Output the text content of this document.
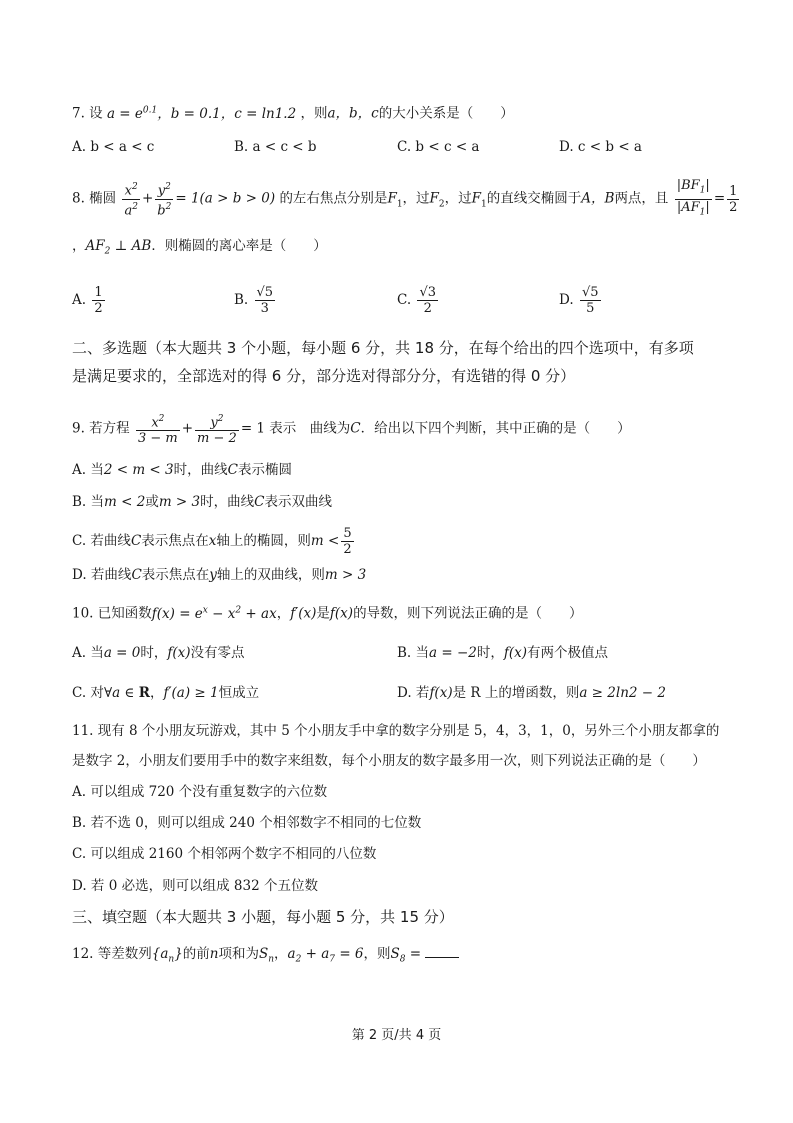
7. 设 $a = e^{0.1}$，b = 0.1，c = ln1.2 ，则a，b，c的大小关系是（　　）
A. b < a < c	B. a < c < b	C. b < c < a	D. c < b < a
8. 椭圆 $\frac{x^2}{a^2} + \frac{y^2}{b^2} = 1(a > b > 0)$ 的左右焦点分别是$F_1$，过$F_2$，过$F_1$的直线交椭圆于A，B两点，且 $\frac{|BF_1|}{|AF_1|} = \frac{1}{2}$
，$AF_2$ ⊥ AB．则椭圆的离心率是（　　）
A. $\frac{1}{2}$	B. $\frac{√5}{3}$	C. $\frac{√3}{2}$	D. $\frac{√5}{5}$
二、多选题（本大题共 3 个小题，每小题 6 分，共 18 分，在每个给出的四个选项中，有多项
是满足要求的，全部选对的得 6 分，部分选对得部分分，有选错的得 0 分）
9. 若方程 $\frac{x^2}{3 - m} + \frac{y^2}{m - 2} = 1$ 表示　曲线为C．给出以下四个判断，其中正确的是（　　）
A. 当2 < m < 3时，曲线C表示椭圆
B. 当m < 2或m > 3时，曲线C表示双曲线
C. 若曲线C表示焦点在x轴上的椭圆，则$m < \frac{5}{2}$
D. 若曲线C表示焦点在y轴上的双曲线，则m > 3
10. 已知函数$f(x) = e^x - x^2$ + ax，f′(x)是f(x)的导数，则下列说法正确的是（　　）
A. 当a = 0时，f(x)没有零点	B. 当a = −2时，f(x)有两个极值点
C. 对∀a ∈ R，f′(a) ≥ 1恒成立	D. 若f(x)是 R 上的增函数，则a ≥ 2ln2 − 2
11. 现有 8 个小朋友玩游戏，其中 5 个小朋友手中拿的数字分别是 5，4，3，1，0，另外三个小朋友都拿的
是数字 2，小朋友们要用手中的数字来组数，每个小朋友的数字最多用一次，则下列说法正确的是（　　）
A. 可以组成 720 个没有重复数字的六位数
B. 若不选 0，则可以组成 240 个相邻数字不相同的七位数
C. 可以组成 2160 个相邻两个数字不相同的八位数
D. 若 0 必选，则可以组成 832 个五位数
三、填空题（本大题共 3 小题，每小题 5 分，共 15 分）
12. 等差数列$\{a_n\}$的前n项和为$S_n$，$a_2 + a_7 = 6$，则$S_8$ =
第 2 页/共 4 页
